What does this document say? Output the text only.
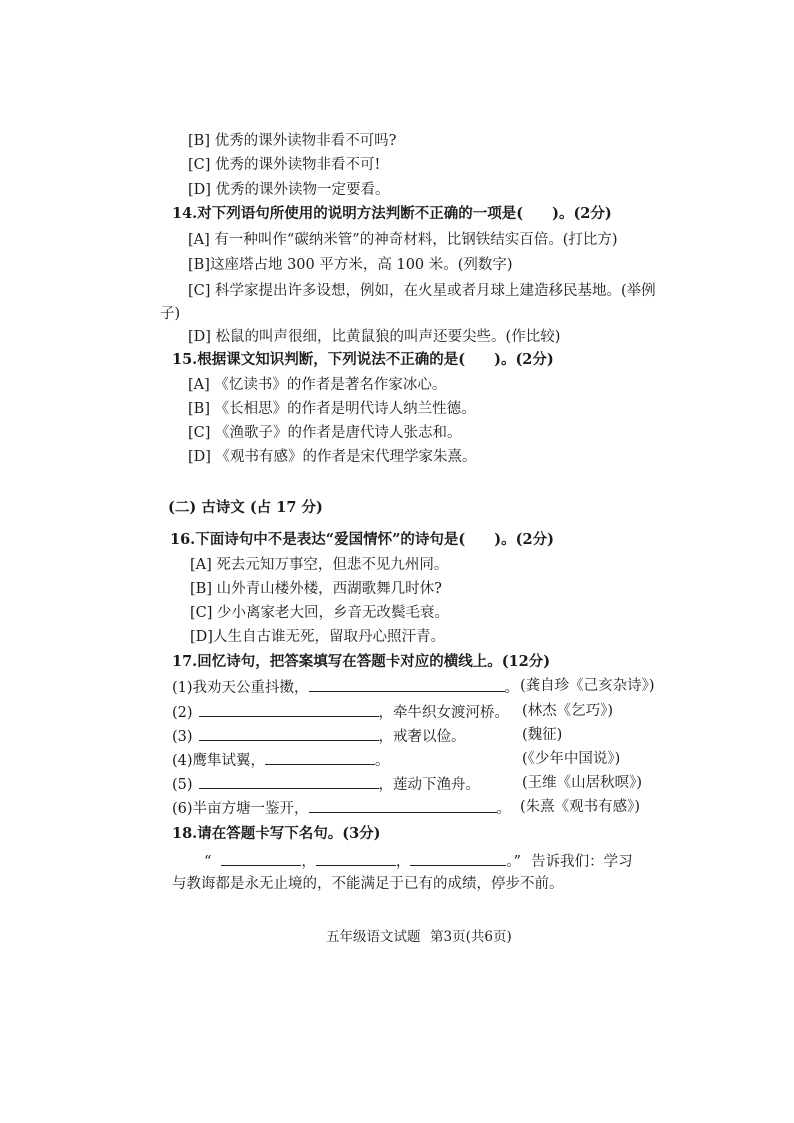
[B] 优秀的课外读物非看不可吗?
[C] 优秀的课外读物非看不可!
[D] 优秀的课外读物一定要看。
14.对下列语句所使用的说明方法判断不正确的一项是(　　)。(2分)
[A] 有一种叫作“碳纳米管”的神奇材料，比钢铁结实百倍。(打比方)
[B]这座塔占地 300 平方米，高 100 米。(列数字)
[C] 科学家提出许多设想，例如，在火星或者月球上建造移民基地。(举例
子)
[D] 松鼠的叫声很细，比黄鼠狼的叫声还要尖些。(作比较)
15.根据课文知识判断，下列说法不正确的是(　　)。(2分)
[A] 《忆读书》的作者是著名作家冰心。
[B] 《长相思》的作者是明代诗人纳兰性德。
[C] 《渔歌子》的作者是唐代诗人张志和。
[D] 《观书有感》的作者是宋代理学家朱熹。
(二) 古诗文 (占 17 分)
16.下面诗句中不是表达“爱国情怀”的诗句是(　　)。(2分)
[A] 死去元知万事空，但悲不见九州同。
[B] 山外青山楼外楼，西湖歌舞几时休?
[C] 少小离家老大回，乡音无改鬓毛衰。
[D]人生自古谁无死，留取丹心照汗青。
17.回忆诗句，把答案填写在答题卡对应的横线上。(12分)
(1)我劝天公重抖擞，	。 (龚自珍《己亥杂诗》)
(2)	，牵牛织女渡河桥。 (林杰《乞巧》)
(3)	，戒奢以俭。	(魏征)
(4)鹰隼试翼，	。	(《少年中国说》)
(5)	，莲动下渔舟。	(王维《山居秋暝》)
(6)半亩方塘一鉴开，	。 (朱熹《观书有感》)
18.请在答题卡写下名句。(3分)
“	，	，	。” 告诉我们：学习
与教诲都是永无止境的，不能满足于已有的成绩，停步不前。
五年级语文试题 第3页(共6页)
